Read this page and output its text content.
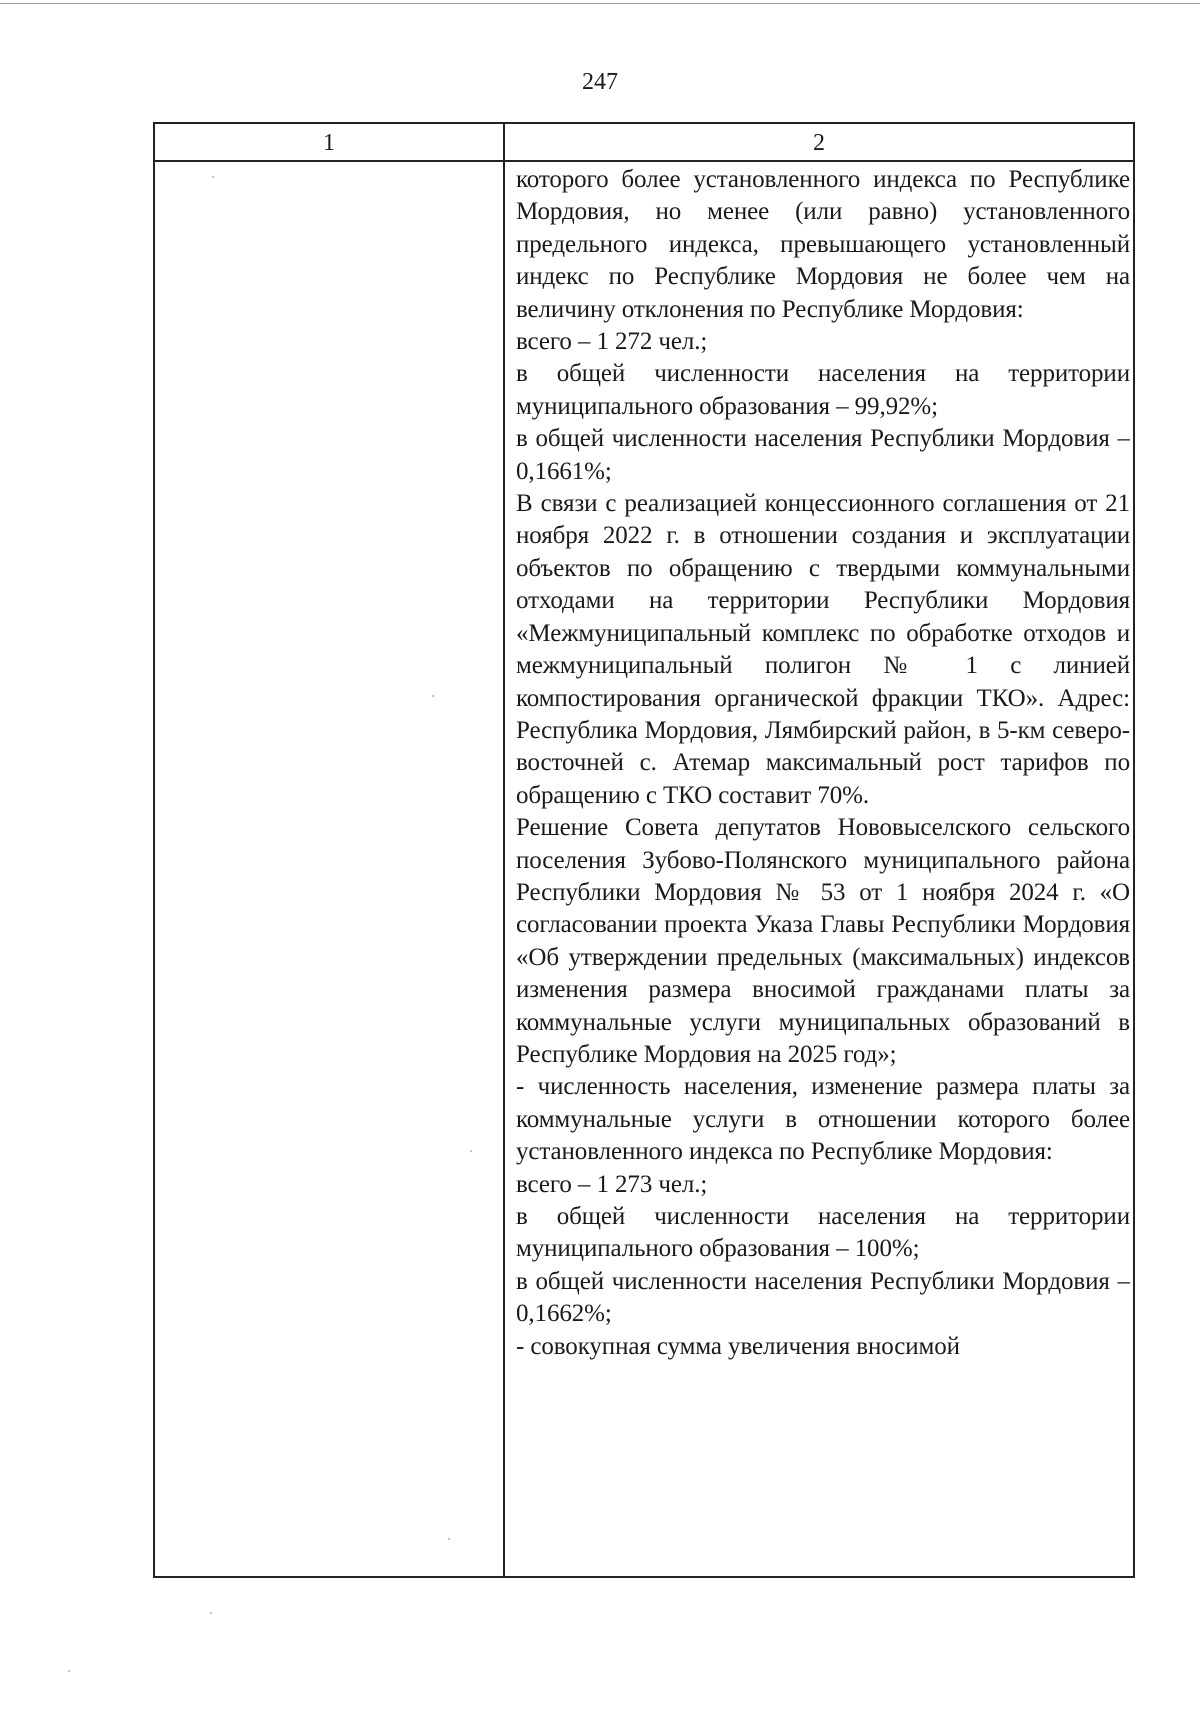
247
1	2

которого более установленного индекса по Республике Мордовия, но менее (или равно) установленного предельного индекса, превышающего установленный индекс по Республике Мордовия не более чем на величину отклонения по Республике Мордовия:

всего – 1 272 чел.;

в общей численности населения на территории муниципального образования – 99,92%;

в общей численности населения Республики Мордовия – 0,1661%;

В связи с реализацией концессионного соглашения от 21 ноября 2022 г. в отношении создания и эксплуатации объектов по обращению с твердыми коммунальными отходами на территории Республики Мордовия «Межмуниципальный комплекс по обработке отходов и межмуниципальный полигон № 1 с линией компостирования органической фракции ТКО». Адрес: Республика Мордовия, Лямбирский район, в 5-км северо-восточней с. Атемар максимальный рост тарифов по обращению с ТКО составит 70%.

Решение Совета депутатов Нововыселского сельского поселения Зубово-Полянского муниципального района Республики Мордовия № 53 от 1 ноября 2024 г. «О согласовании проекта Указа Главы Республики Мордовия «Об утверждении предельных (максимальных) индексов изменения размера вносимой гражданами платы за коммунальные услуги муниципальных образований в Республике Мордовия на 2025 год»;

- численность населения, изменение размера платы за коммунальные услуги в отношении которого более установленного индекса по Республике Мордовия:

всего – 1 273 чел.;

в общей численности населения на территории муниципального образования – 100%;

в общей численности населения Республики Мордовия – 0,1662%;

- совокупная сумма увеличения вносимой
